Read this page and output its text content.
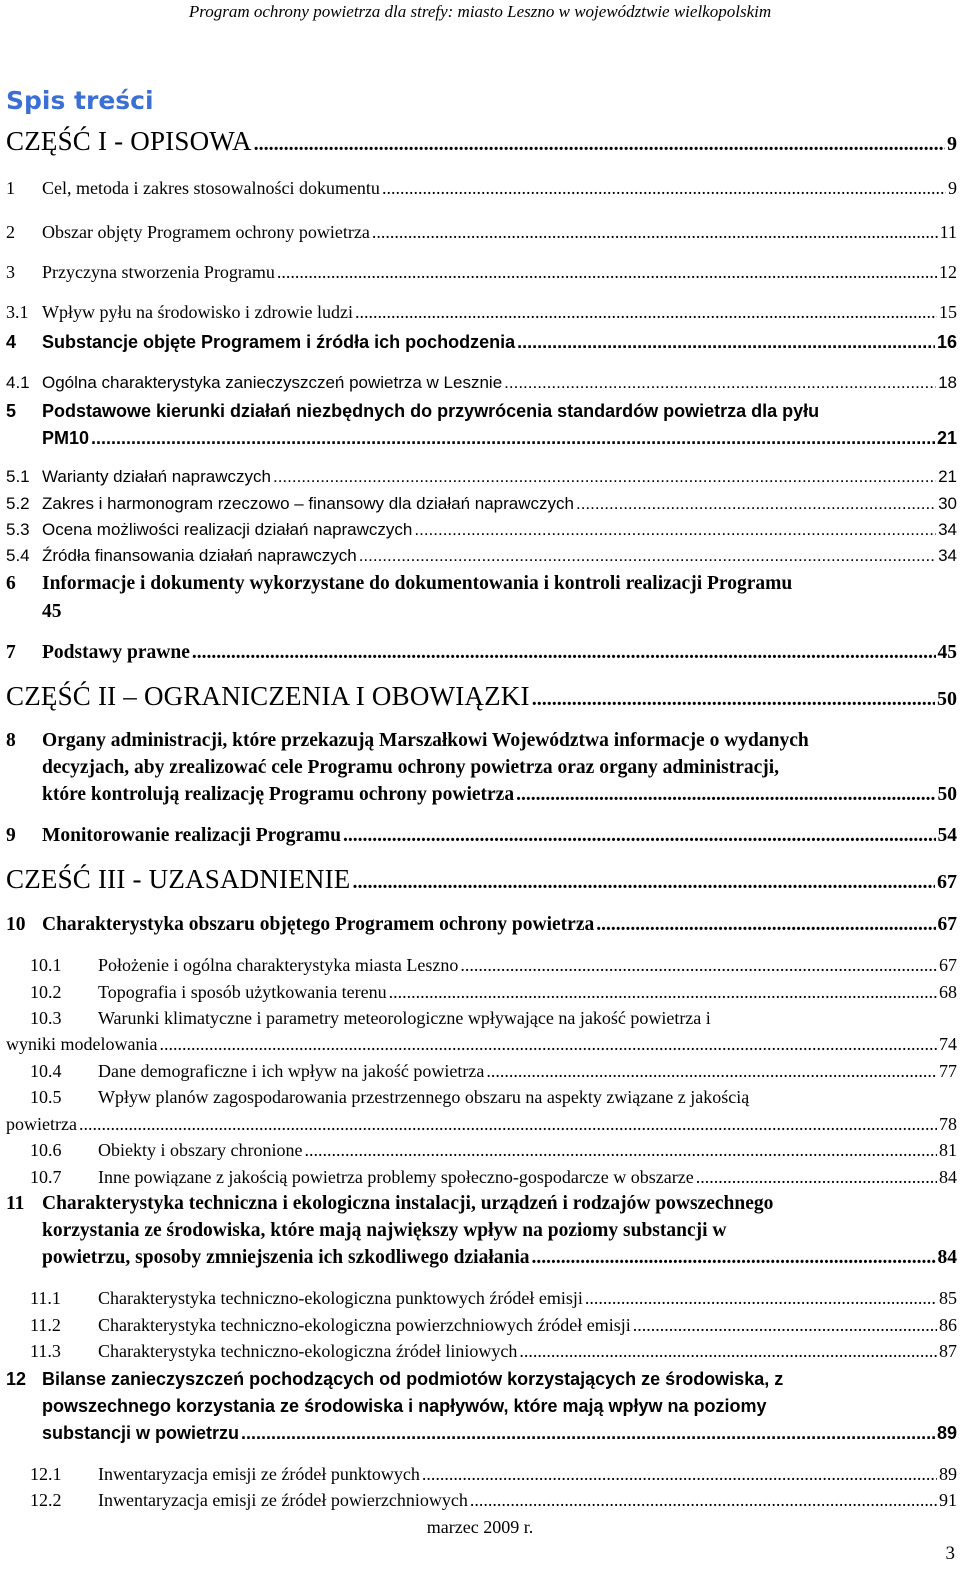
Program ochrony powietrza dla strefy: miasto Leszno w województwie wielkopolskim
Spis treści
CZĘŚĆ I - OPISOWA .....	9
1	Cel, metoda i zakres stosowalności dokumentu .....	9
2	Obszar objęty Programem ochrony powietrza .....	11
3	Przyczyna stworzenia Programu .....	12
3.1 Wpływ pyłu na środowisko i zdrowie ludzi .....	15
4	Substancje objęte Programem i źródła ich pochodzenia .....	16
4.1 Ogólna charakterystyka zanieczyszczeń powietrza w Lesznie .....	18
5 Podstawowe kierunki działań niezbędnych do przywrócenia standardów powietrza dla pyłu
PM10 .....	21
5.1 Warianty działań naprawczych .....	21
5.2 Zakres i harmonogram rzeczowo – finansowy dla działań naprawczych .....	30
5.3 Ocena możliwości realizacji działań naprawczych .....	34
5.4 Źródła finansowania działań naprawczych .....	34
6 Informacje i dokumenty wykorzystane do dokumentowania i kontroli realizacji Programu
45
7	Podstawy prawne .....	45
CZĘŚĆ II – OGRANICZENIA I OBOWIĄZKI .....	50
8 Organy administracji, które przekazują Marszałkowi Województwa informacje o wydanych
decyzjach, aby zrealizować cele Programu ochrony powietrza oraz organy administracji,
które kontrolują realizację Programu ochrony powietrza .....	50
9	Monitorowanie realizacji Programu .....	54
CZEŚĆ III - UZASADNIENIE .....	67
10 Charakterystyka obszaru objętego Programem ochrony powietrza .....	67
10.1	Położenie i ogólna charakterystyka miasta Leszno .....	67
10.2	Topografia i sposób użytkowania terenu .....	68
10.3 Warunki klimatyczne i parametry meteorologiczne wpływające na jakość powietrza i
wyniki modelowania .....	74
10.4	Dane demograficzne i ich wpływ na jakość powietrza .....	77
10.5 Wpływ planów zagospodarowania przestrzennego obszaru na aspekty związane z jakością
powietrza .....	78
10.6	Obiekty i obszary chronione .....	81
10.7	Inne powiązane z jakością powietrza problemy społeczno-gospodarcze w obszarze .....	84
11 Charakterystyka techniczna i ekologiczna instalacji, urządzeń i rodzajów powszechnego
korzystania ze środowiska, które mają największy wpływ na poziomy substancji w
powietrzu, sposoby zmniejszenia ich szkodliwego działania .....	84
11.1	Charakterystyka techniczno-ekologiczna punktowych źródeł emisji .....	85
11.2	Charakterystyka techniczno-ekologiczna powierzchniowych źródeł emisji .....	86
11.3	Charakterystyka techniczno-ekologiczna źródeł liniowych .....	87
12 Bilanse zanieczyszczeń pochodzących od podmiotów korzystających ze środowiska, z
powszechnego korzystania ze środowiska i napływów, które mają wpływ na poziomy
substancji w powietrzu .....	89
12.1	Inwentaryzacja emisji ze źródeł punktowych .....	89
12.2	Inwentaryzacja emisji ze źródeł powierzchniowych .....	91
marzec 2009 r.
3
